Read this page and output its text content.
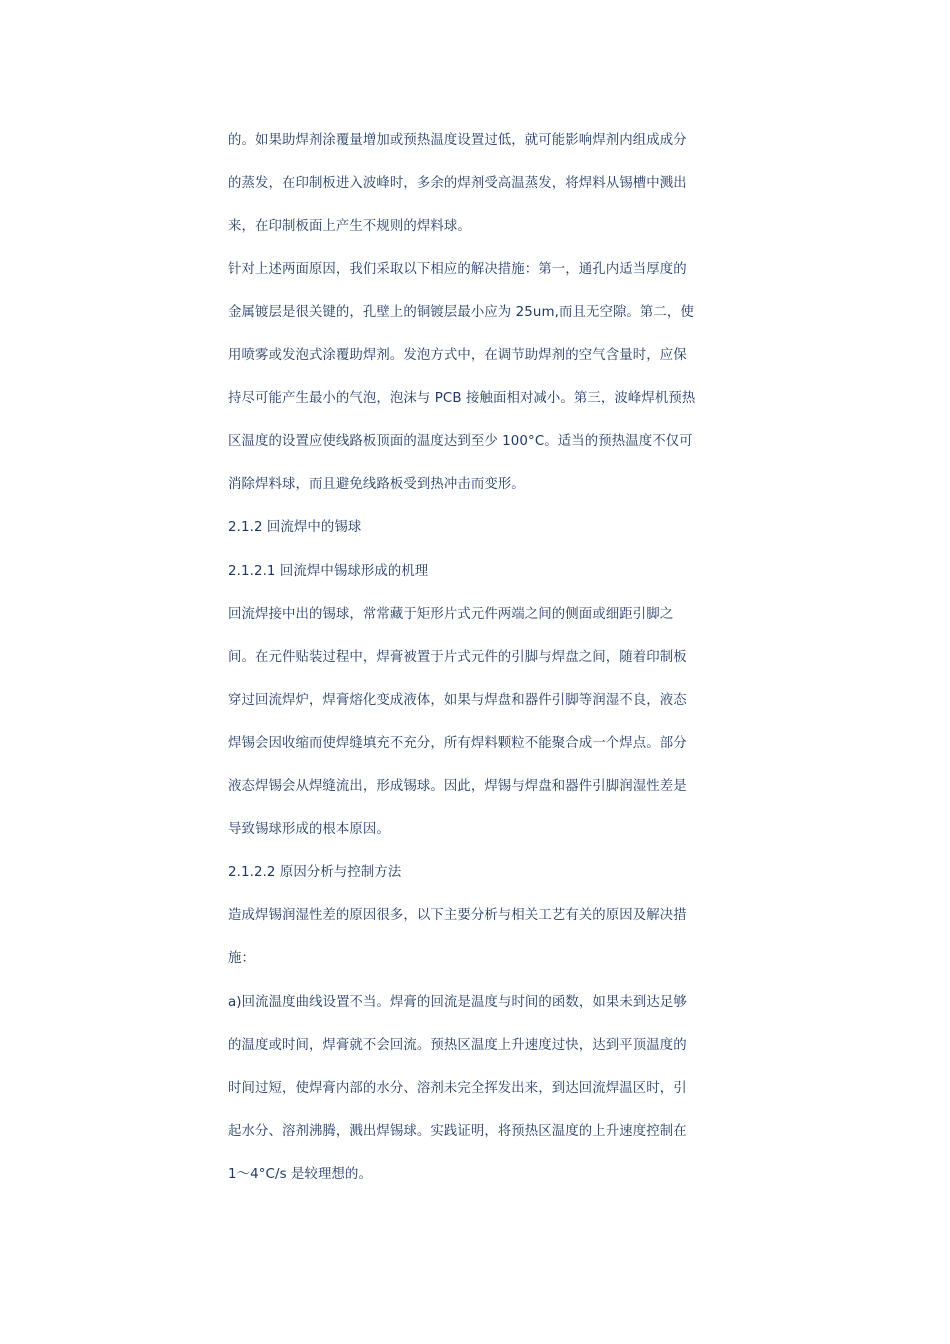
的。如果助焊剂涂覆量增加或预热温度设置过低，就可能影响焊剂内组成成分
的蒸发，在印制板进入波峰时，多余的焊剂受高温蒸发，将焊料从锡槽中溅出
来，在印制板面上产生不规则的焊料球。
针对上述两面原因，我们采取以下相应的解决措施：第一，通孔内适当厚度的
金属镀层是很关键的，孔壁上的铜镀层最小应为 25um,而且无空隙。第二，使
用喷雾或发泡式涂覆助焊剂。发泡方式中，在调节助焊剂的空气含量时，应保
持尽可能产生最小的气泡，泡沫与 PCB 接触面相对减小。第三，波峰焊机预热
区温度的设置应使线路板顶面的温度达到至少 100°C。适当的预热温度不仅可
消除焊料球，而且避免线路板受到热冲击而变形。
2.1.2 回流焊中的锡球
2.1.2.1 回流焊中锡球形成的机理
回流焊接中出的锡球，常常藏于矩形片式元件两端之间的侧面或细距引脚之
间。在元件贴装过程中，焊膏被置于片式元件的引脚与焊盘之间，随着印制板
穿过回流焊炉，焊膏熔化变成液体，如果与焊盘和器件引脚等润湿不良，液态
焊锡会因收缩而使焊缝填充不充分，所有焊料颗粒不能聚合成一个焊点。部分
液态焊锡会从焊缝流出，形成锡球。因此，焊锡与焊盘和器件引脚润湿性差是
导致锡球形成的根本原因。
2.1.2.2 原因分析与控制方法
造成焊锡润湿性差的原因很多，以下主要分析与相关工艺有关的原因及解决措
施：
a)回流温度曲线设置不当。焊膏的回流是温度与时间的函数，如果未到达足够
的温度或时间，焊膏就不会回流。预热区温度上升速度过快，达到平顶温度的
时间过短，使焊膏内部的水分、溶剂未完全挥发出来，到达回流焊温区时，引
起水分、溶剂沸腾，溅出焊锡球。实践证明，将预热区温度的上升速度控制在
1～4°C/s 是较理想的。
